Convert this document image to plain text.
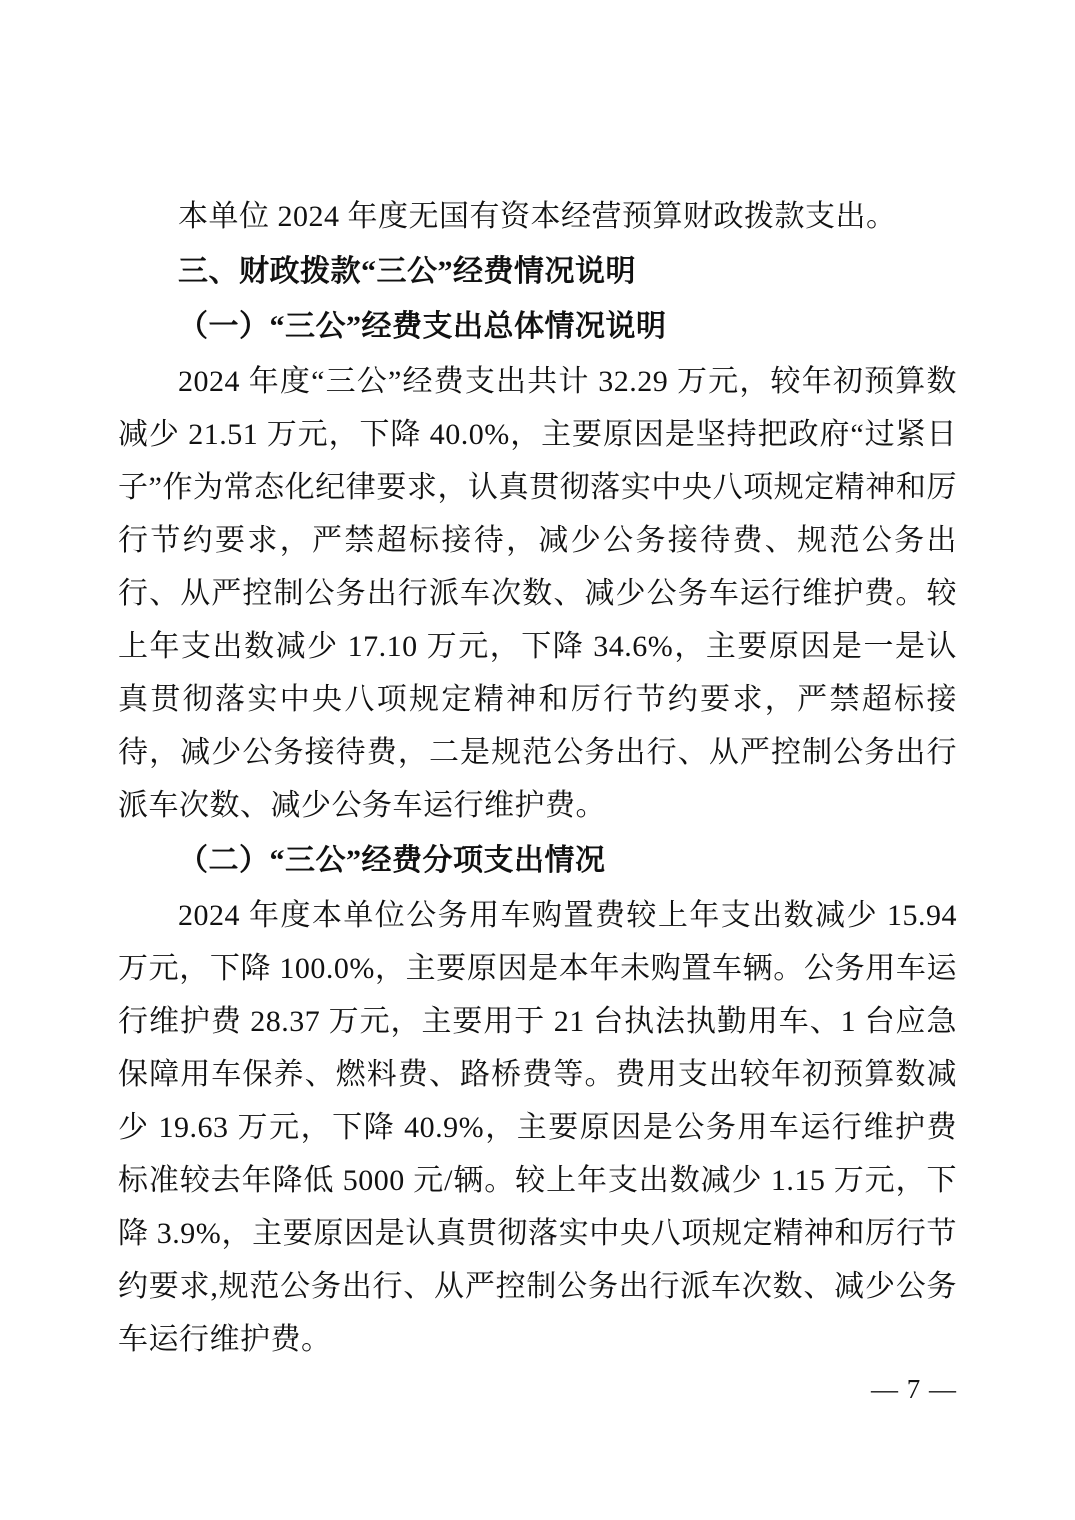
本单位 2024 年度无国有资本经营预算财政拨款支出。

三、财政拨款“三公”经费情况说明

（一）“三公”经费支出总体情况说明

2024 年度“三公”经费支出共计 32.29 万元，较年初预算数减少 21.51 万元，下降 40.0%，主要原因是坚持把政府“过紧日子”作为常态化纪律要求，认真贯彻落实中央八项规定精神和厉行节约要求，严禁超标接待，减少公务接待费、规范公务出行、从严控制公务出行派车次数、减少公务车运行维护费。较上年支出数减少 17.10 万元，下降 34.6%，主要原因是一是认真贯彻落实中央八项规定精神和厉行节约要求，严禁超标接待，减少公务接待费，二是规范公务出行、从严控制公务出行派车次数、减少公务车运行维护费。

（二）“三公”经费分项支出情况

2024 年度本单位公务用车购置费较上年支出数减少 15.94 万元，下降 100.0%，主要原因是本年未购置车辆。公务用车运行维护费 28.37 万元，主要用于 21 台执法执勤用车、1 台应急保障用车保养、燃料费、路桥费等。费用支出较年初预算数减少 19.63 万元，下降 40.9%，主要原因是公务用车运行维护费标准较去年降低 5000 元/辆。较上年支出数减少 1.15 万元，下降 3.9%，主要原因是认真贯彻落实中央八项规定精神和厉行节约要求,规范公务出行、从严控制公务出行派车次数、减少公务车运行维护费。

— 7 —
